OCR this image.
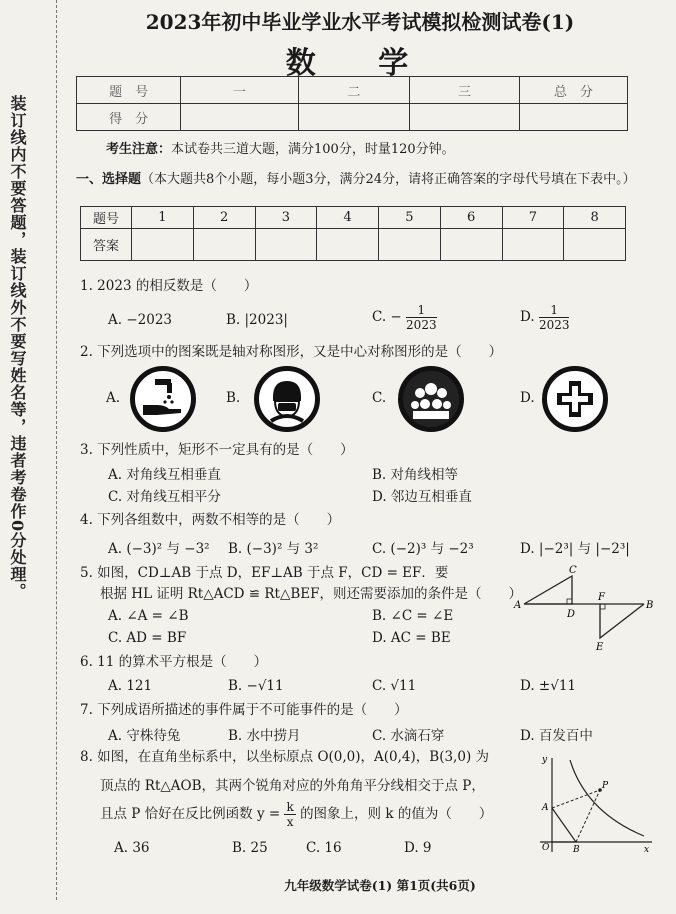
装订线内不要答题，装订线外不要写姓名等，违者考卷作0分处理。
2023年初中毕业学业水平考试模拟检测试卷(1)
数 学
题　号	一	二	三	总　分
得　分				
考生注意：本试卷共三道大题，满分100分，时量120分钟。
一、选择题（本大题共8个小题，每小题3分，满分24分，请将正确答案的字母代号填在下表中。）
题号	1	2	3	4	5	6	7	8
答案								
1. 2023 的相反数是（　　）
A. −2023	B. |2023|	C. − $\frac{1}{2023}$	D. $\frac{1}{2023}$
2. 下列选项中的图案既是轴对称图形，又是中心对称图形的是（　　）
A.	B.	C.	D.
3. 下列性质中，矩形不一定具有的是（　　）
A. 对角线互相垂直	B. 对角线相等
C. 对角线互相平分	D. 邻边互相垂直
4. 下列各组数中，两数不相等的是（　　）
A. (−3)² 与 −3² B. (−3)² 与 3²	C. (−2)³ 与 −2³	D. |−2³| 与 |−2³|
5. 如图，CD⊥AB 于点 D，EF⊥AB 于点 F，CD = EF．要
根据 HL 证明 Rt△ACD ≌ Rt△BEF，则还需要添加的条件是（　　）
A. ∠A = ∠B	B. ∠C = ∠E
C. AD = BF	D. AC = BE
C
A
D
F
B
E
6. 11 的算术平方根是（　　）
A. 121	B. −√11	C. √11	D. ±√11
7. 下列成语所描述的事件属于不可能事件的是（　　）
A. 守株待兔	B. 水中捞月	C. 水滴石穿	D. 百发百中
8. 如图，在直角坐标系中，以坐标原点 O(0,0)，A(0,4)，B(3,0) 为
顶点的 Rt△AOB，其两个锐角对应的外角角平分线相交于点 P，
且点 P 恰好在反比例函数 $y = \frac{k}{x}$ 的图象上，则 k 的值为（　　）
A. 36	B. 25	C. 16	D. 9
y
P
A
O	B	x
九年级数学试卷(1) 第1页(共6页)
